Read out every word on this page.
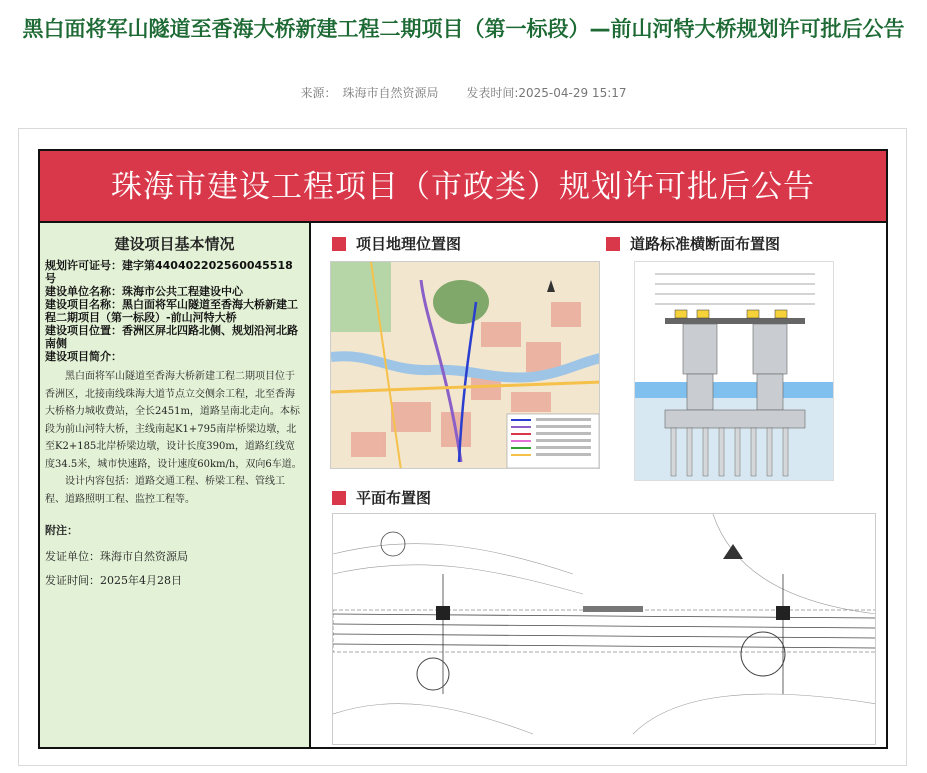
黑白面将军山隧道至香海大桥新建工程二期项目（第一标段）—前山河特大桥规划许可批后公告
来源： 珠海市自然资源局 发表时间:2025-04-29 15:17
珠海市建设工程项目（市政类）规划许可批后公告
建设项目基本情况
规划许可证号：建字第440402202560045518号
建设单位名称：珠海市公共工程建设中心
建设项目名称：黑白面将军山隧道至香海大桥新建工程二期项目（第一标段）-前山河特大桥
建设项目位置：香洲区屏北四路北侧、规划沿河北路南侧
建设项目简介：
黑白面将军山隧道至香海大桥新建工程二期项目位于香洲区，北接南线珠海大道节点立交侧余工程，北至香海大桥格力城收费站，全长2451m，道路呈南北走向。本标段为前山河特大桥，主线南起K1+795南岸桥梁边墩，北至K2+185北岸桥梁边墩，设计长度390m，道路红线宽度34.5米，城市快速路，设计速度60km/h，双向6车道。
设计内容包括：道路交通工程、桥梁工程、管线工程、道路照明工程、监控工程等。
附注：
发证单位：珠海市自然资源局
发证时间：2025年4月28日
项目地理位置图	道路标准横断面布置图
平面布置图
